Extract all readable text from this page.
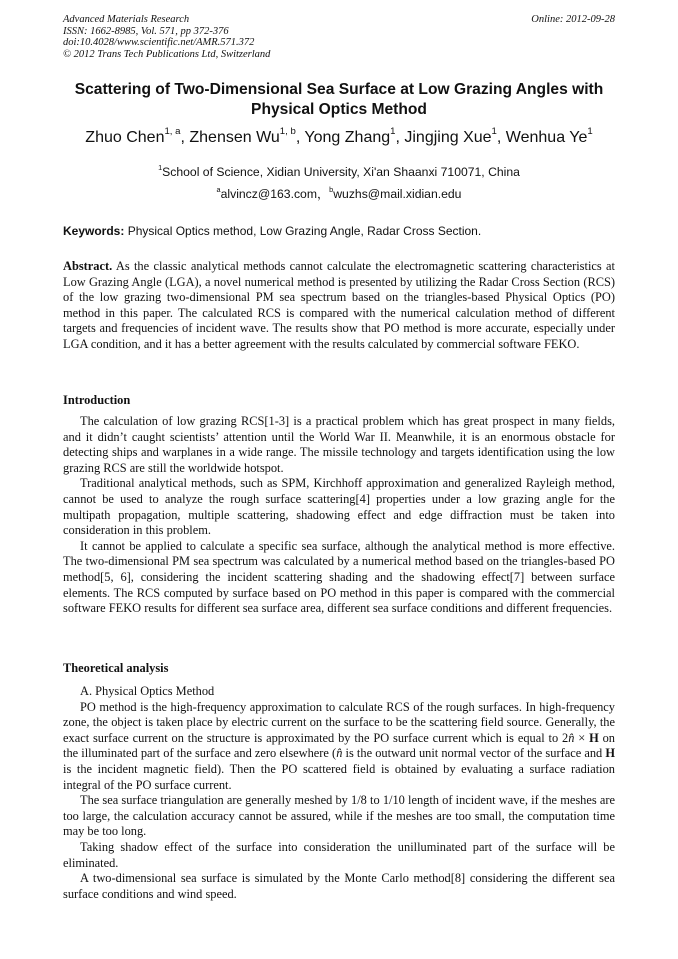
Advanced Materials Research
ISSN: 1662-8985, Vol. 571, pp 372-376
doi:10.4028/www.scientific.net/AMR.571.372
© 2012 Trans Tech Publications Ltd, Switzerland
Online: 2012-09-28
Scattering of Two-Dimensional Sea Surface at Low Grazing Angles with
Physical Optics Method
Zhuo Chen$^{1, a}$, Zhensen Wu$^{1, b}$, Yong Zhang$^1$, Jingjing Xue$^1$, Wenhua Ye$^1$
$^1$School of Science, Xidian University, Xi'an Shaanxi 710071, China
$^a$alvincz@163.com，$^b$wuzhs@mail.xidian.edu
Keywords: Physical Optics method, Low Grazing Angle, Radar Cross Section.

Abstract. As the classic analytical methods cannot calculate the electromagnetic scattering characteristics at Low Grazing Angle (LGA), a novel numerical method is presented by utilizing the Radar Cross Section (RCS) of the low grazing two-dimensional PM sea spectrum based on the triangles-based Physical Optics (PO) method in this paper. The calculated RCS is compared with the numerical calculation method of different targets and frequencies of incident wave. The results show that PO method is more accurate, especially under LGA condition, and it has a better agreement with the results calculated by commercial software FEKO.

Introduction

The calculation of low grazing RCS[1-3] is a practical problem which has great prospect in many fields, and it didn’t caught scientists’ attention until the World War II. Meanwhile, it is an enormous obstacle for detecting ships and warplanes in a wide range. The missile technology and targets identification using the low grazing RCS are still the worldwide hotspot.

Traditional analytical methods, such as SPM, Kirchhoff approximation and generalized Rayleigh method, cannot be used to analyze the rough surface scattering[4] properties under a low grazing angle for the multipath propagation, multiple scattering, shadowing effect and edge diffraction must be taken into consideration in this problem.

It cannot be applied to calculate a specific sea surface, although the analytical method is more effective. The two-dimensional PM sea spectrum was calculated by a numerical method based on the triangles-based PO method[5, 6], considering the incident scattering shading and the shadowing effect[7] between surface elements. The RCS computed by surface based on PO method in this paper is compared with the commercial software FEKO results for different sea surface area, different sea surface conditions and different frequencies.

Theoretical analysis

A. Physical Optics Method

PO method is the high-frequency approximation to calculate RCS of the rough surfaces. In high-frequency zone, the object is taken place by electric current on the surface to be the scattering field source. Generally, the exact surface current on the structure is approximated by the PO surface current which is equal to 2n̂ × H on the illuminated part of the surface and zero elsewhere (n̂ is the outward unit normal vector of the surface and H is the incident magnetic field). Then the PO scattered field is obtained by evaluating a surface radiation integral of the PO surface current.

The sea surface triangulation are generally meshed by 1/8 to 1/10 length of incident wave, if the meshes are too large, the calculation accuracy cannot be assured, while if the meshes are too small, the computation time may be too long.

Taking shadow effect of the surface into consideration the unilluminated part of the surface will be eliminated.

A two-dimensional sea surface is simulated by the Monte Carlo method[8] considering the different sea surface conditions and wind speed.
